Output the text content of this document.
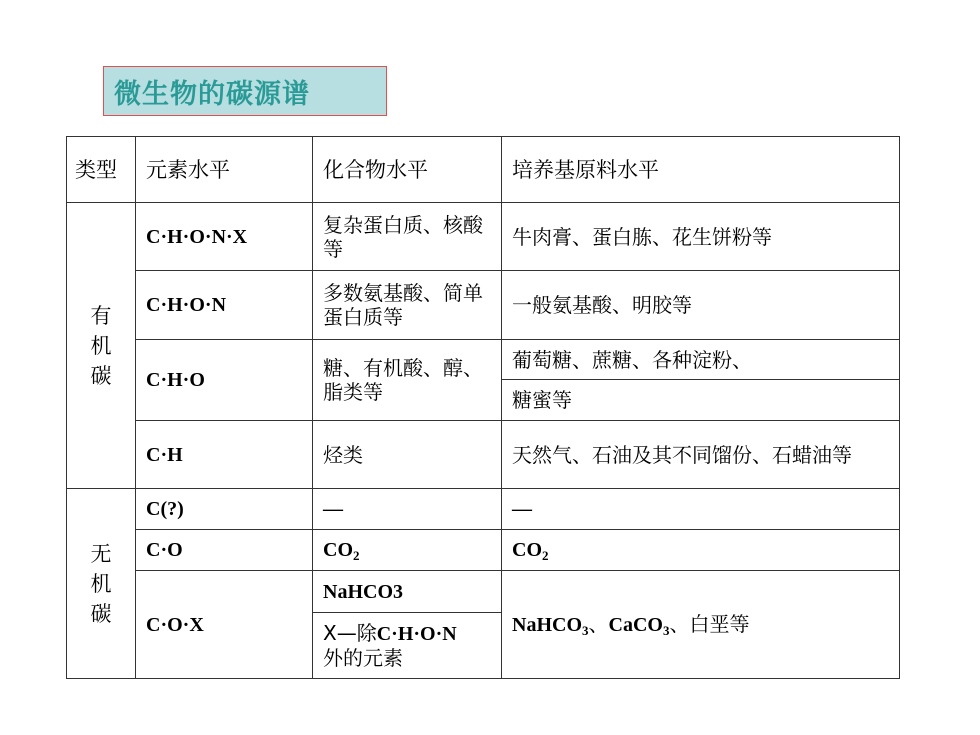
微生物的碳源谱
类型	元素水平	化合物水平	培养基原料水平
有机碳	C·H·O·N·X	复杂蛋白质、核酸等	牛肉膏、蛋白胨、花生饼粉等
	C·H·O·N	多数氨基酸、简单蛋白质等	一般氨基酸、明胶等
	C·H·O	糖、有机酸、醇、脂类等	葡萄糖、蔗糖、各种淀粉、
			糖蜜等
	C·H	烃类	天然气、石油及其不同馏份、石蜡油等
无机碳	C(?)	—	—
	C·O	$CO_2$	$CO_2$
	C·O·X	NaHCO3	NaHCO$_3$、CaCO$_3$、白垩等
		X—除C·H·O·N
外的元素	
